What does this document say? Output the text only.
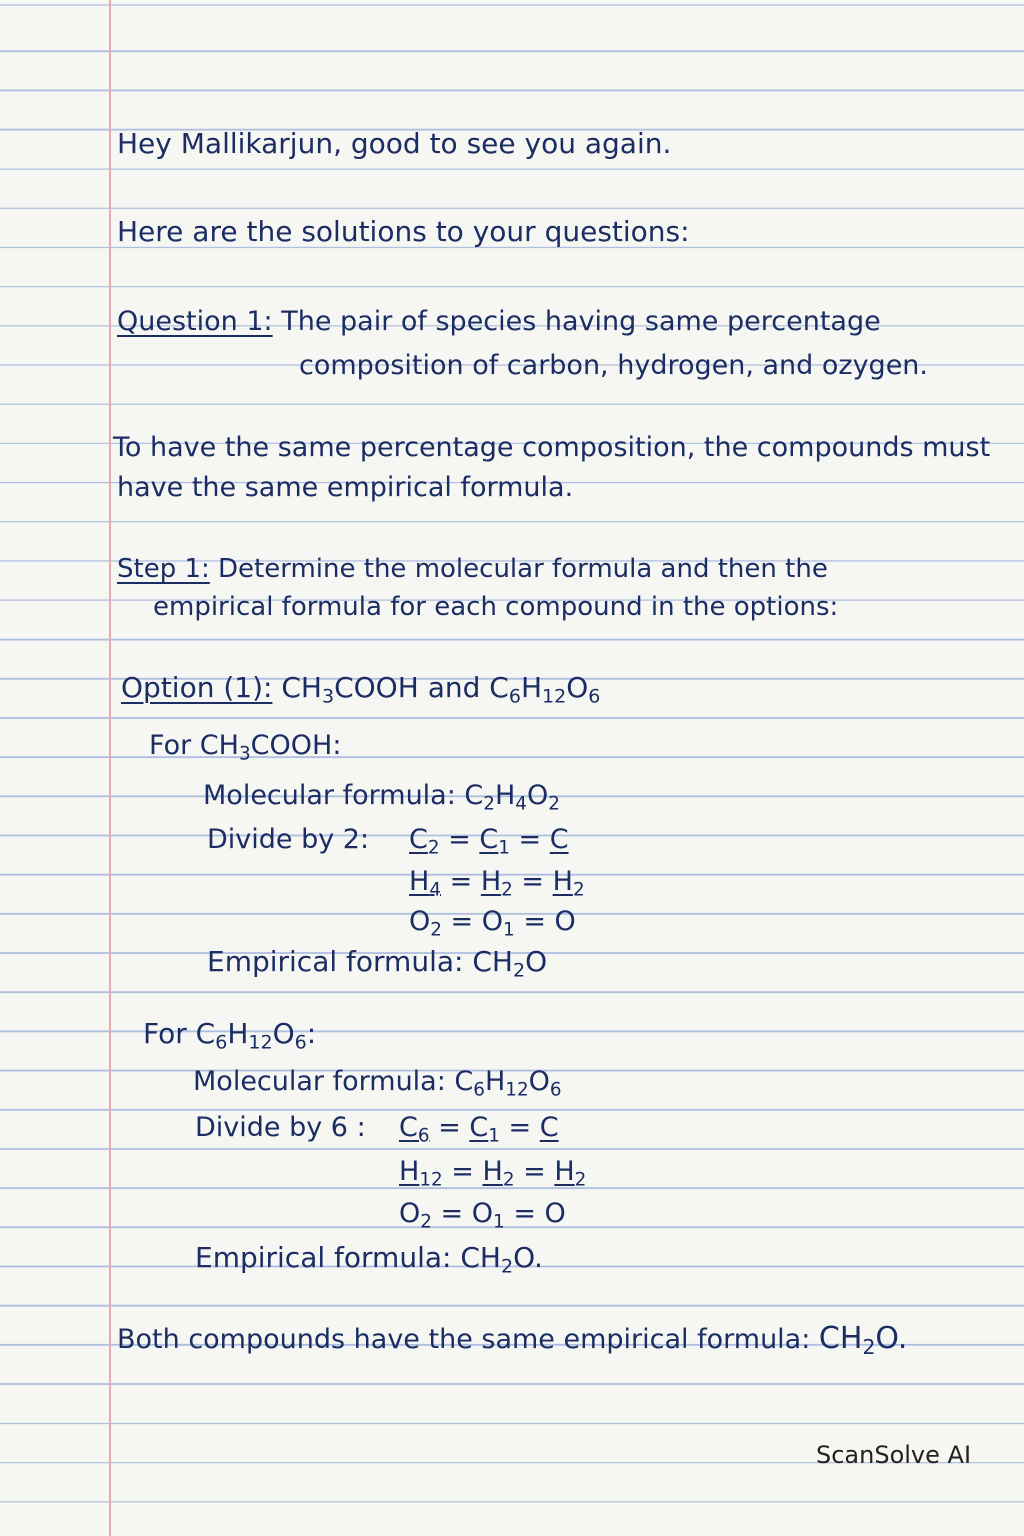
Hey Mallikarjun, good to see you again.
Here are the solutions to your questions:
Question 1: The pair of species having same percentage
composition of carbon, hydrogen, and ozygen.
To have the same percentage composition, the compounds must
have the same empirical formula.
Step 1: Determine the molecular formula and then the
empirical formula for each compound in the options:
Option (1): $CH_3COOH$ and $C_6H_{12}O_6$
For $CH_3COOH$:
Molecular formula: $C_2H_4O_2$
Divide by 2: $C_2 = C_1 = C$
$H_4 = H_2 = H_2$
$O_2 = O_1 = O$
Empirical formula: $CH_2O$
For $C_6H_{12}O_6$:
Molecular formula: $C_6H_{12}O_6$
Divide by 6 : $C_6 = C_1 = C$
$H_{12} = H_2 = H_2$
$O_2 = O_1 = O$
Empirical formula: $CH_2O$.
Both compounds have the same empirical formula: $CH_2O$.
ScanSolve AI
